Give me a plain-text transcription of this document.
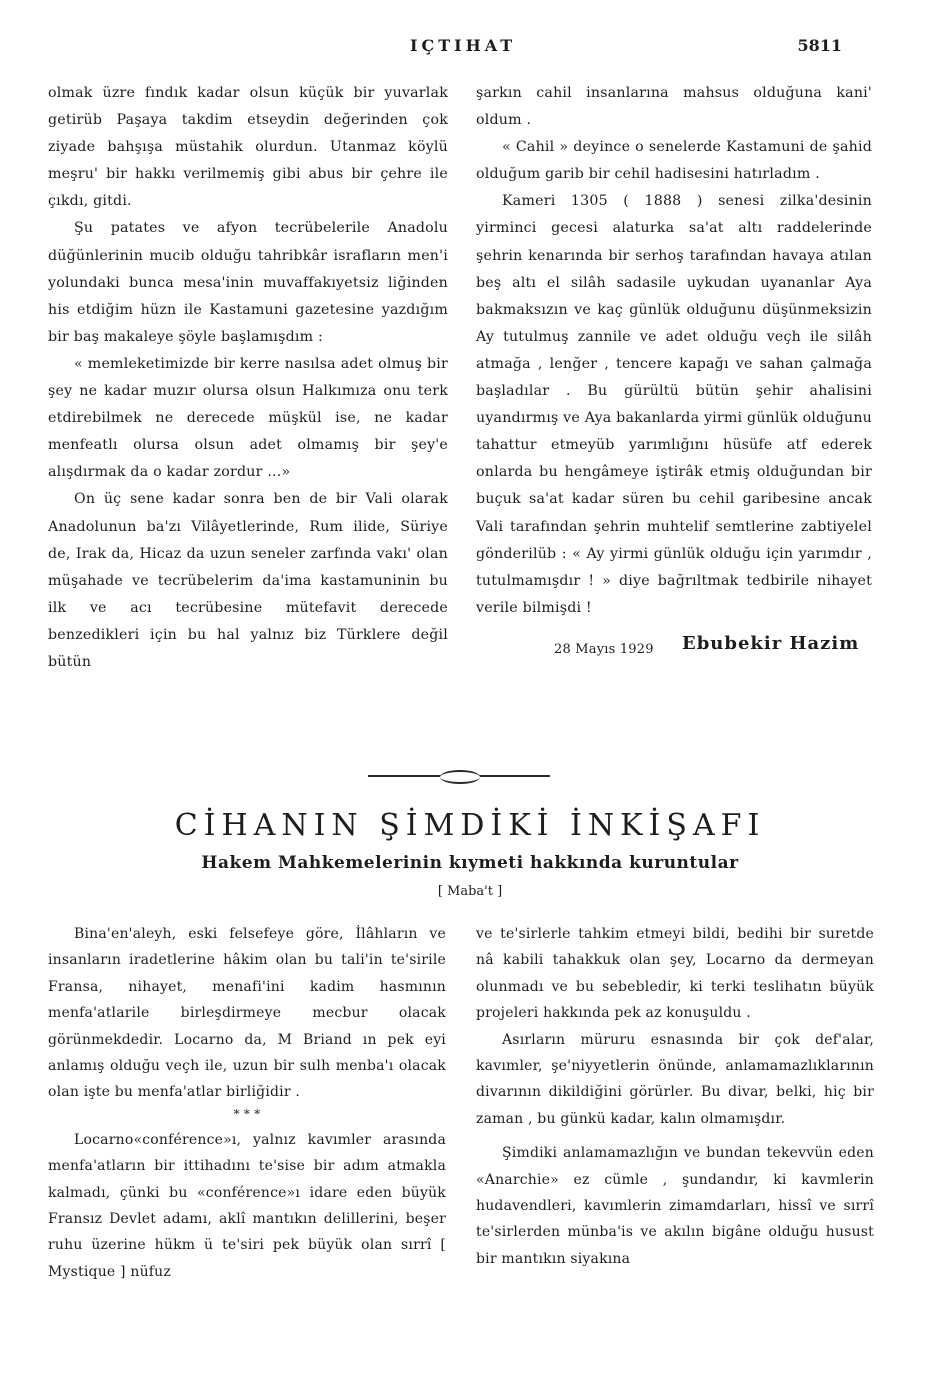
IÇTIHAT	5811

olmak üzre fındık kadar olsun küçük bir yuvarlak getirüb Paşaya takdim etseydin değerinden çok ziyade bahşışa müstahik olurdun. Utanmaz köylü meşru' bir hakkı verilmemiş gibi abus bir çehre ile çıkdı, gitdi.

Şu patates ve afyon tecrübelerile Anadolu düğünlerinin mucib olduğu tahribkâr israfların men'i yolundaki bunca mesa'inin muvaffakıyetsiz liğinden his etdiğim hüzn ile Kastamuni gazetesine yazdığım bir baş makaleye şöyle başlamışdım :

« memleketimizde bir kerre nasılsa adet olmuş bir şey ne kadar muzır olursa olsun Halkımıza onu terk etdirebilmek ne derecede müşkül ise, ne kadar menfeatlı olursa olsun adet olmamış bir şey'e alışdırmak da o kadar zordur ...»

On üç sene kadar sonra ben de bir Vali olarak Anadolunun ba'zı Vilâyetlerinde, Rum ilide, Süriye de, Irak da, Hicaz da uzun seneler zarfında vakı' olan müşahade ve tecrübelerim da'ima kastamuninin bu ilk ve acı tecrübesine mütefavit derecede benzedikleri için bu hal yalnız biz Türklere değil bütün

şarkın cahil insanlarına mahsus olduğuna kani' oldum .

« Cahil » deyince o senelerde Kastamuni de şahid olduğum garib bir cehil hadisesini hatırladım .

Kameri 1305 ( 1888 ) senesi zilka'desinin yirminci gecesi alaturka sa'at altı raddelerinde şehrin kenarında bir serhoş tarafından havaya atılan beş altı el silâh sadasile uykudan uyananlar Aya bakmaksızın ve kaç günlük olduğunu düşünmeksizin Ay tutulmuş zannile ve adet olduğu veçh ile silâh atmağa , lenğer , tencere kapağı ve sahan çalmağa başladılar . Bu gürültü bütün şehir ahalisini uyandırmış ve Aya bakanlarda yirmi günlük olduğunu tahattur etmeyüb yarımlığını hüsüfe atf ederek onlarda bu hengâmeye iştirâk etmiş olduğundan bir buçuk sa'at kadar süren bu cehil garibesine ancak Vali tarafından şehrin muhtelif semtlerine zabtiyelel gönderilüb : « Ay yirmi günlük olduğu için yarımdır , tutulmamışdır ! » diye bağrıltmak tedbirile nihayet verile bilmişdi !

28 Mayıs 1929 Ebubekir Hazim
CİHANIN ŞİMDİKİ İNKİŞAFI
Hakem Mahkemelerinin kıymeti hakkında kuruntular
[ Maba't ]

Bina'en'aleyh, eski felsefeye göre, İlâhların ve insanların iradetlerine hâkim olan bu tali'in te'sirile Fransa, nihayet, menafi'ini kadim hasmının menfa'atlarile birleşdirmeye mecbur olacak görünmekdedir. Locarno da, M Briand ın pek eyi anlamış olduğu veçh ile, uzun bir sulh menba'ı olacak olan işte bu menfa'atlar birliğidir .

* * *

Locarno«conférence»ı, yalnız kavımler arasında menfa'atların bir ittihadını te'sise bir adım atmakla kalmadı, çünki bu «conférence»ı idare eden büyük Fransız Devlet adamı, aklî mantıkın delillerini, beşer ruhu üzerine hükm ü te'siri pek büyük olan sırrî [ Mystique ] nüfuz

ve te'sirlerle tahkim etmeyi bildi, bedihi bir suretde nâ kabili tahakkuk olan şey, Locarno da dermeyan olunmadı ve bu sebebledir, ki terki teslihatın büyük projeleri hakkında pek az konuşuldu .

Asırların müruru esnasında bir çok def'alar, kavımler, şe'niyyetlerin önünde, anlamamazlıklarının divarının dikildiğini görürler. Bu divar, belki, hiç bir zaman , bu günkü kadar, kalın olmamışdır.

Şimdiki anlamamazlığın ve bundan tekevvün eden «Anarchie» ez cümle , şundandır, ki kavmlerin hudavendleri, kavımlerin zimamdarları, hissî ve sırrî te'sirlerden münba'is ve akılın bigâne olduğu husust bir mantıkın siyakına
